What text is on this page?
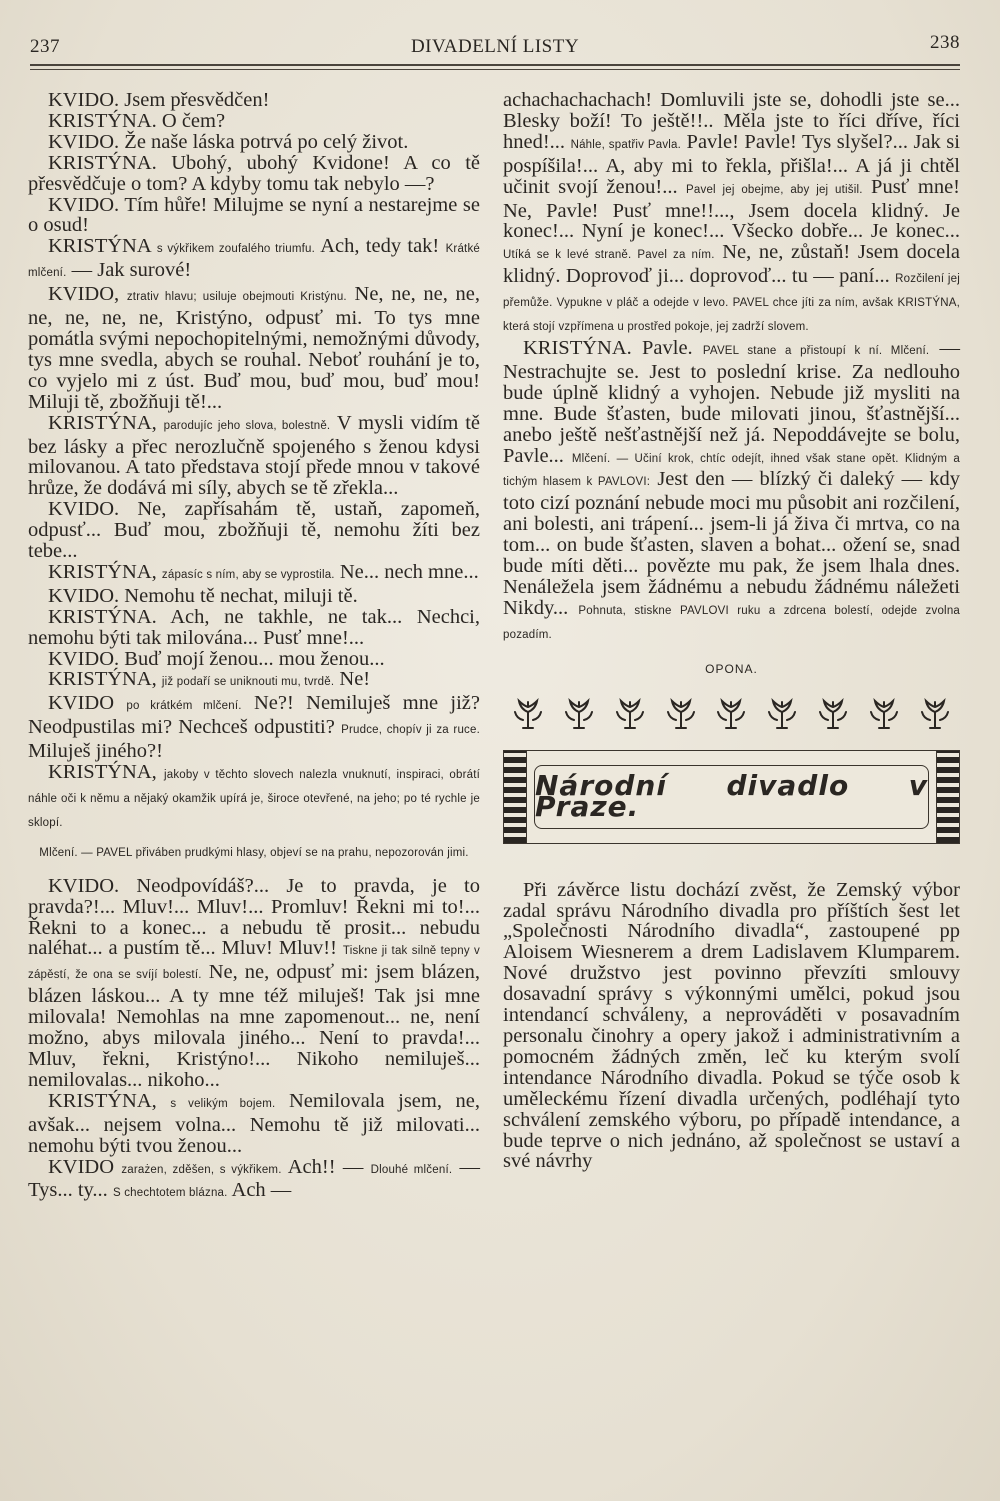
237	DIVADELNÍ LISTY	238

KVIDO. Jsem přesvědčen!

KRISTÝNA. O čem?

KVIDO. Že naše láska potrvá po celý život.

KRISTÝNA. Ubohý, ubohý Kvidone! A co tě přesvědčuje o tom? A kdyby tomu tak nebylo —?

KVIDO. Tím hůře! Milujme se nyní a nestarejme se o osud!

KRISTÝNA s výkřikem zoufalého triumfu. Ach, tedy tak! Krátké mlčení. — Jak surové!

KVIDO, ztrativ hlavu; usiluje obejmouti Kristýnu. Ne, ne, ne, ne, ne, ne, ne, ne, Kristýno, odpusť mi. To tys mne pomátla svými nepochopitelnými, nemožnými důvody, tys mne svedla, abych se rouhal. Neboť rouhání je to, co vyjelo mi z úst. Buď mou, buď mou, buď mou! Miluji tě, zbožňuji tě!...

KRISTÝNA, parodujíc jeho slova, bolestně. V mysli vidím tě bez lásky a přec nerozlučně spojeného s ženou kdysi milovanou. A tato představa stojí přede mnou v takové hrůze, že dodává mi síly, abych se tě zřekla...

KVIDO. Ne, zapřísahám tě, ustaň, zapomeň, odpusť... Buď mou, zbožňuji tě, nemohu žíti bez tebe...

KRISTÝNA, zápasíc s ním, aby se vyprostila. Ne... nech mne...

KVIDO. Nemohu tě nechat, miluji tě.

KRISTÝNA. Ach, ne takhle, ne tak... Nechci, nemohu býti tak milována... Pusť mne!...

KVIDO. Buď mojí ženou... mou ženou...

KRISTÝNA, již podaří se uniknouti mu, tvrdě. Ne!

KVIDO po krátkém mlčení. Ne?! Nemiluješ mne již? Neodpustilas mi? Nechceš odpustiti? Prudce, chopív ji za ruce. Miluješ jiného?!

KRISTÝNA, jakoby v těchto slovech nalezla vnuknutí, inspiraci, obrátí náhle oči k němu a nějaký okamžik upírá je, široce otevřené, na jeho; po té rychle je sklopí.

Mlčení. — PAVEL přiváben prudkými hlasy, objeví se na prahu, nepozorován jimi.

KVIDO. Neodpovídáš?... Je to pravda, je to pravda?!... Mluv!... Mluv!... Promluv! Řekni mi to!... Řekni to a konec... a nebudu tě prosit... nebudu naléhat... a pustím tě... Mluv! Mluv!! Tiskne ji tak silně tepny v zápěstí, že ona se svíjí bolestí. Ne, ne, odpusť mi: jsem blázen, blázen láskou... A ty mne též miluješ! Tak jsi mne milovala! Nemohlas na mne zapomenout... ne, není možno, abys milovala jiného... Není to pravda!... Mluv, řekni, Kristýno!... Nikoho nemiluješ... nemilovalas... nikoho...

KRISTÝNA, s velikým bojem. Nemilovala jsem, ne, avšak... nejsem volna... Nemohu tě již milovati... nemohu býti tvou ženou...

KVIDO zarażen, zděšen, s výkřikem. Ach!! — Dlouhé mlčení. — Tys... ty... S chechtotem blázna. Ach —

achachachachach! Domluvili jste se, dohodli jste se... Blesky boží! To ještě!!.. Měla jste to říci dříve, říci hned!... Náhle, spatřiv Pavla. Pavle! Pavle! Tys slyšel?... Jak si pospíšila!... A, aby mi to řekla, přišla!... A já ji chtěl učinit svojí ženou!... Pavel jej obejme, aby jej utišil. Pusť mne! Ne, Pavle! Pusť mne!!..., Jsem docela klidný. Je konec!... Nyní je konec!... Všecko dobře... Je konec... Utíká se k levé straně. Pavel za ním. Ne, ne, zůstaň! Jsem docela klidný. Doprovoď ji... doprovoď... tu — paní... Rozčilení jej přemůže. Vypukne v pláč a odejde v levo. PAVEL chce jíti za ním, avšak KRISTÝNA, která stojí vzpřímena u prostřed pokoje, jej zadrží slovem.

KRISTÝNA. Pavle. PAVEL stane a přistoupí k ní. Mlčení. — Nestrachujte se. Jest to poslední krise. Za nedlouho bude úplně klidný a vyhojen. Nebude již mysliti na mne. Bude šťasten, bude milovati jinou, šťastnější... anebo ještě nešťastnější než já. Nepoddávejte se bolu, Pavle... Mlčení. — Učiní krok, chtíc odejít, ihned však stane opět. Klidným a tichým hlasem k PAVLOVI: Jest den — blízký či daleký — kdy toto cizí poznání nebude moci mu působit ani rozčilení, ani bolesti, ani trápení... jsem-li já živa či mrtva, co na tom... on bude šťasten, slaven a bohat... ožení se, snad bude míti děti... povězte mu pak, že jsem lhala dnes. Nenáležela jsem žádnému a nebudu žádnému náležeti Nikdy... Pohnuta, stiskne PAVLOVI ruku a zdrcena bolestí, odejde zvolna pozadím.

OPONA.

Národní divadlo v Praze.

Při závěrce listu dochází zvěst, že Zemský výbor zadal správu Národního divadla pro příštích šest let „Společnosti Národního divadla“, zastoupené pp Aloisem Wiesnerem a drem Ladislavem Klumparem. Nové družstvo jest povinno převzíti smlouvy dosavadní správy s výkonnými umělci, pokud jsou intendancí schváleny, a neprováděti v posavadním personalu činohry a opery jakož i administrativním a pomocném žádných změn, leč ku kterým svolí intendance Národního divadla. Pokud se týče osob k uměleckému řízení divadla určených, podléhají tyto schválení zemského výboru, po případě intendance, a bude teprve o nich jednáno, až společnost se ustaví a své návrhy
